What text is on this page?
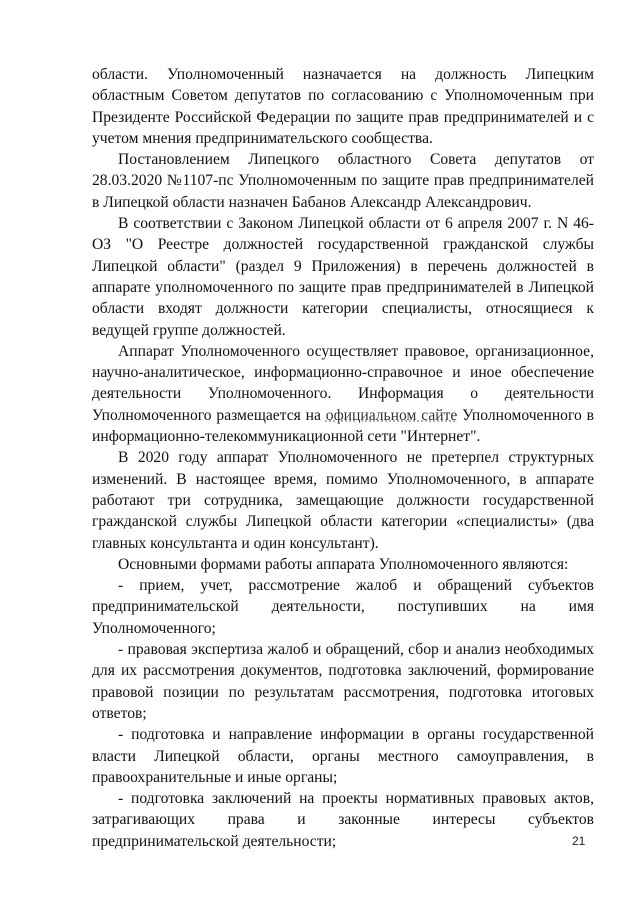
области. Уполномоченный назначается на должность Липецким областным Советом депутатов по согласованию с Уполномоченным при Президенте Российской Федерации по защите прав предпринимателей и с учетом мнения предпринимательского сообщества.

Постановлением Липецкого областного Совета депутатов от 28.03.2020 №1107-пс Уполномоченным по защите прав предпринимателей в Липецкой области назначен Бабанов Александр Александрович.

В соответствии с Законом Липецкой области от 6 апреля 2007 г. N 46-ОЗ "О Реестре должностей государственной гражданской службы Липецкой области" (раздел 9 Приложения) в перечень должностей в аппарате уполномоченного по защите прав предпринимателей в Липецкой области входят должности категории специалисты, относящиеся к ведущей группе должностей.

Аппарат Уполномоченного осуществляет правовое, организационное, научно-аналитическое, информационно-справочное и иное обеспечение деятельности Уполномоченного. Информация о деятельности Уполномоченного размещается на официальном сайте Уполномоченного в информационно-телекоммуникационной сети "Интернет".

В 2020 году аппарат Уполномоченного не претерпел структурных изменений. В настоящее время, помимо Уполномоченного, в аппарате работают три сотрудника, замещающие должности государственной гражданской службы Липецкой области категории «специалисты» (два главных консультанта и один консультант).

Основными формами работы аппарата Уполномоченного являются:

- прием, учет, рассмотрение жалоб и обращений субъектов предпринимательской деятельности, поступивших на имя Уполномоченного;

- правовая экспертиза жалоб и обращений, сбор и анализ необходимых для их рассмотрения документов, подготовка заключений, формирование правовой позиции по результатам рассмотрения, подготовка итоговых ответов;

- подготовка и направление информации в органы государственной власти Липецкой области, органы местного самоуправления, в правоохранительные и иные органы;

- подготовка заключений на проекты нормативных правовых актов, затрагивающих права и законные интересы субъектов предпринимательской деятельности;	21
